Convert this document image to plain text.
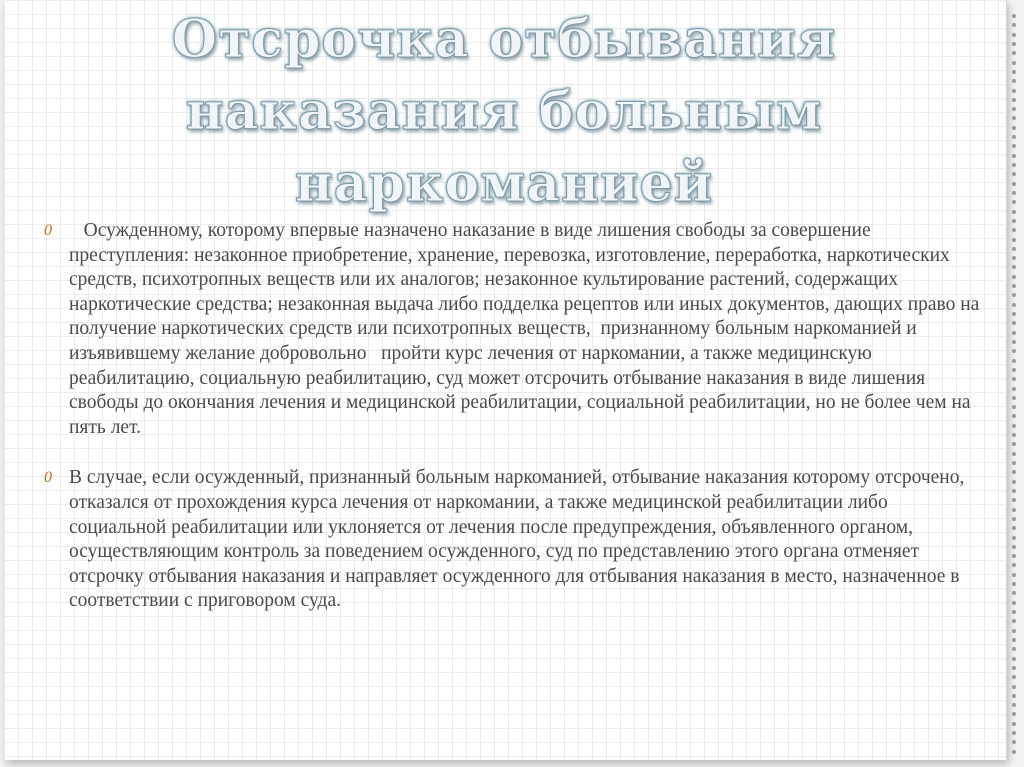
Отсрочка отбывания наказания больным наркоманией
0 Осужденному, которому впервые назначено наказание в виде лишения свободы за совершение преступления: незаконное приобретение, хранение, перевозка, изготовление, переработка, наркотических средств, психотропных веществ или их аналогов; незаконное культирование растений, содержащих наркотические средства; незаконная выдача либо подделка рецептов или иных документов, дающих право на получение наркотических средств или психотропных веществ,  признанному больным наркоманией и изъявившему желание добровольно   пройти курс лечения от наркомании, а также медицинскую реабилитацию, социальную реабилитацию, суд может отсрочить отбывание наказания в виде лишения свободы до окончания лечения и медицинской реабилитации, социальной реабилитации, но не более чем на пять лет.
0 В случае, если осужденный, признанный больным наркоманией, отбывание наказания которому отсрочено, отказался от прохождения курса лечения от наркомании, а также медицинской реабилитации либо социальной реабилитации или уклоняется от лечения после предупреждения, объявленного органом, осуществляющим контроль за поведением осужденного, суд по представлению этого органа отменяет отсрочку отбывания наказания и направляет осужденного для отбывания наказания в место, назначенное в соответствии с приговором суда.
